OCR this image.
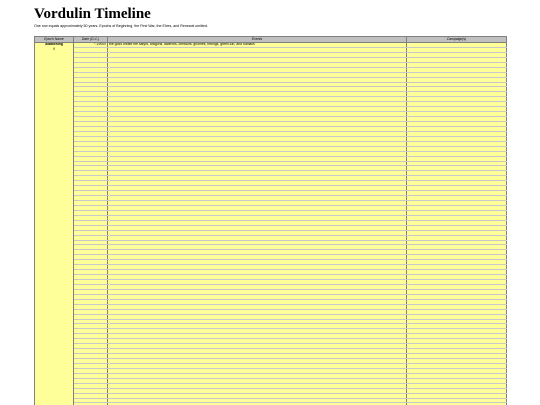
Vordulin Timeline
One row equals approximately 50 years. Epochs of Beginning, the First War, the Elves, and Renewal omitted.
Epoch Name	Date (O.C.)	Events	Campaign(s)
Awakening	~-19000	the gods create the satyrs, dragons, dwarves, centaurs, gnomes, firbolgs, green-kin, and humans	
V			
